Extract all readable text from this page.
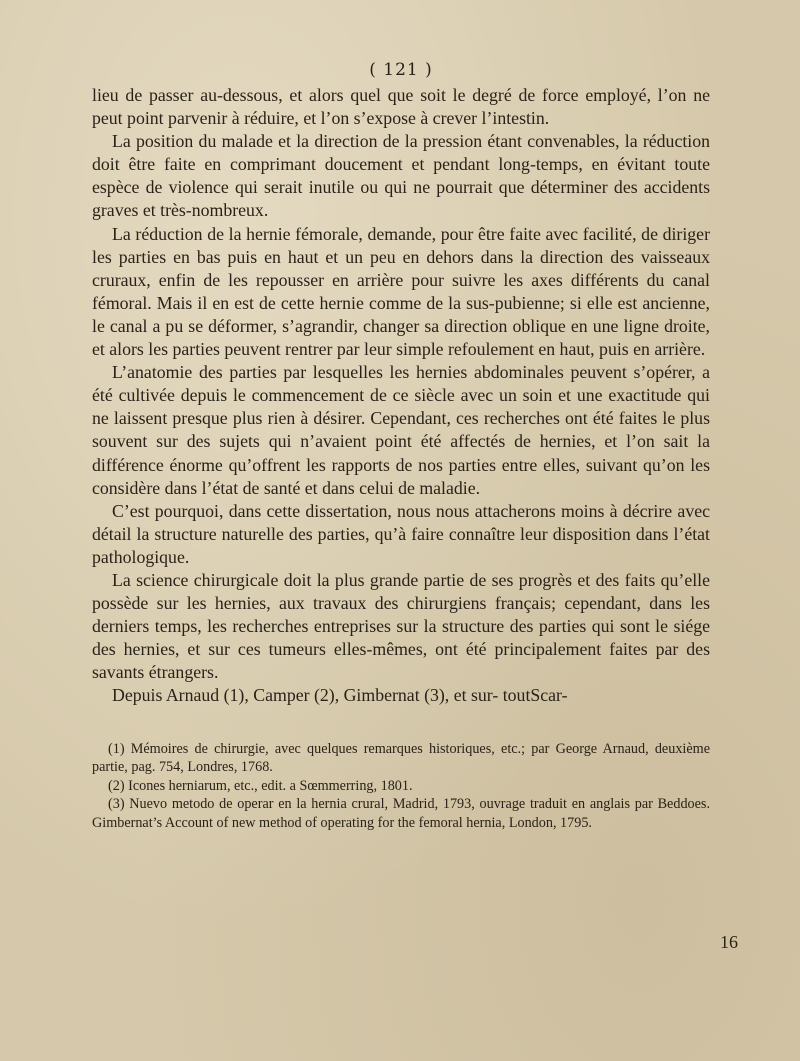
( 121 )

lieu de passer au-dessous, et alors quel que soit le degré de force employé, l’on ne peut point parvenir à réduire, et l’on s’expose à crever l’intestin.

La position du malade et la direction de la pression étant convenables, la réduction doit être faite en comprimant doucement et pendant long-temps, en évitant toute espèce de violence qui serait inutile ou qui ne pourrait que déterminer des accidents graves et très-nombreux.

La réduction de la hernie fémorale, demande, pour être faite avec facilité, de diriger les parties en bas puis en haut et un peu en dehors dans la direction des vaisseaux cruraux, enfin de les repousser en arrière pour suivre les axes différents du canal fémoral. Mais il en est de cette hernie comme de la sus-pubienne; si elle est ancienne, le canal a pu se déformer, s’agrandir, changer sa direction oblique en une ligne droite, et alors les parties peuvent rentrer par leur simple refoulement en haut, puis en arrière.

L’anatomie des parties par lesquelles les hernies abdominales peuvent s’opérer, a été cultivée depuis le commencement de ce siècle avec un soin et une exactitude qui ne laissent presque plus rien à désirer. Cependant, ces recherches ont été faites le plus souvent sur des sujets qui n’avaient point été affectés de hernies, et l’on sait la différence énorme qu’offrent les rapports de nos parties entre elles, suivant qu’on les considère dans l’état de santé et dans celui de maladie.

C’est pourquoi, dans cette dissertation, nous nous attacherons moins à décrire avec détail la structure naturelle des parties, qu’à faire connaître leur disposition dans l’état pathologique.

La science chirurgicale doit la plus grande partie de ses progrès et des faits qu’elle possède sur les hernies, aux travaux des chirurgiens français; cependant, dans les derniers temps, les recherches entreprises sur la structure des parties qui sont le siége des hernies, et sur ces tumeurs elles-mêmes, ont été principalement faites par des savants étrangers.

Depuis Arnaud (1), Camper (2), Gimbernat (3), et sur- toutScar-

(1) Mémoires de chirurgie, avec quelques remarques historiques, etc.; par George Arnaud, deuxième partie, pag. 754, Londres, 1768.

(2) Icones herniarum, etc., edit. a Sœmmerring, 1801.

(3) Nuevo metodo de operar en la hernia crural, Madrid, 1793, ouvrage traduit en anglais par Beddoes. Gimbernat’s Account of new method of operating for the femoral hernia, London, 1795.

16
